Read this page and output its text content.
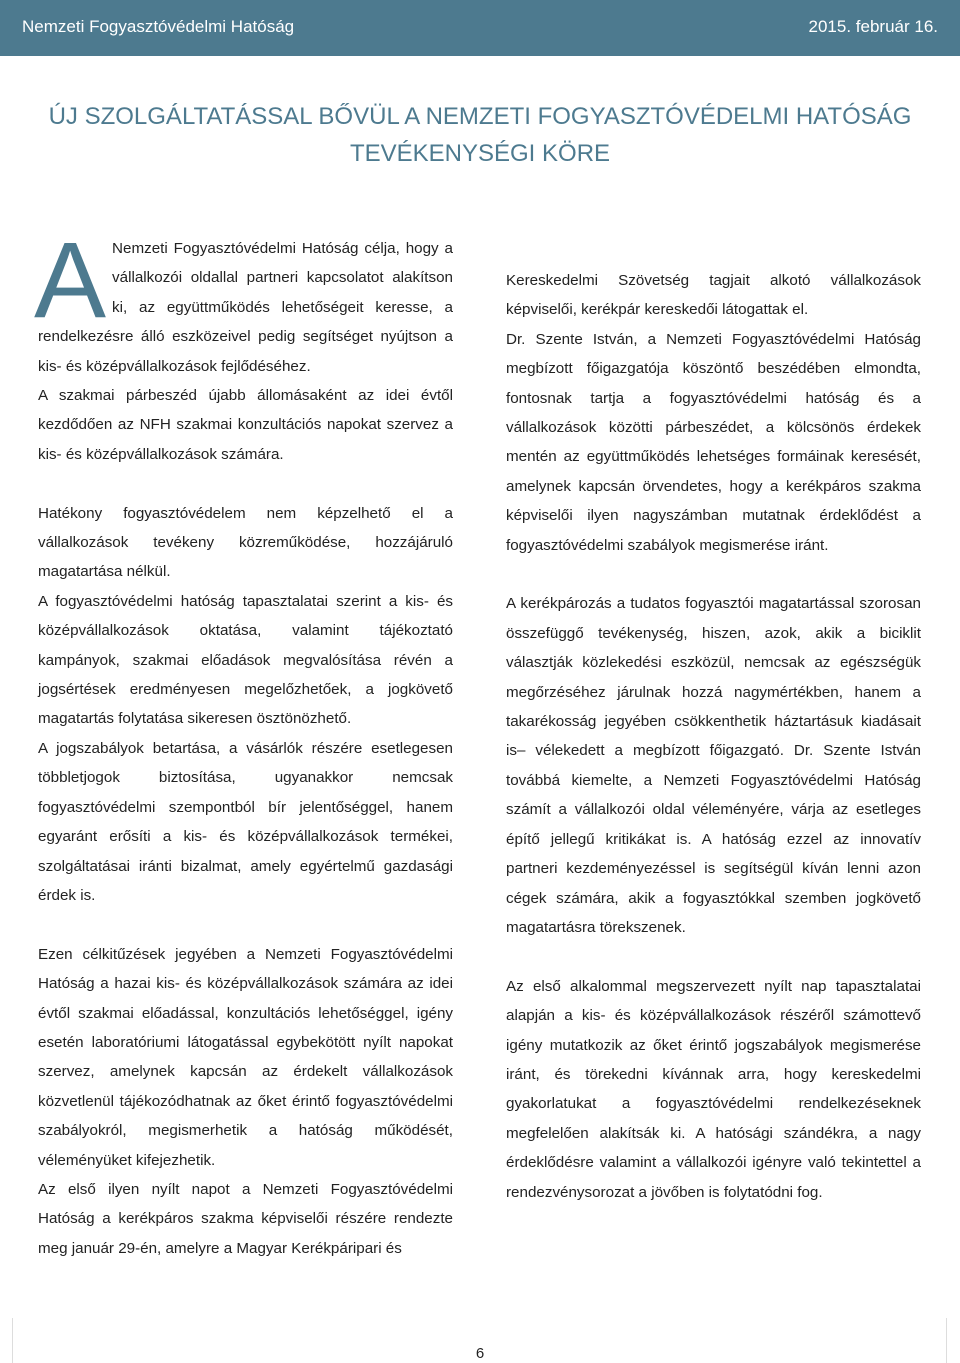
Nemzeti Fogyasztóvédelmi Hatóság	2015. február 16.
ÚJ SZOLGÁLTATÁSSAL BŐVÜL A NEMZETI FOGYASZTÓVÉDELMI HATÓSÁG TEVÉKENYSÉGI KÖRE

A Nemzeti Fogyasztóvédelmi Hatóság célja, hogy a vállalkozói oldallal partneri kapcsolatot alakítson ki, az együttműködés lehetőségeit keresse, a rendelkezésre álló eszközeivel pedig segítséget nyújtson a kis- és középvállalkozások fejlődéséhez.

A szakmai párbeszéd újabb állomásaként az idei évtől kezdődően az NFH szakmai konzultációs napokat szervez a kis- és középvállalkozások számára.

Hatékony fogyasztóvédelem nem képzelhető el a vállalkozások tevékeny közreműködése, hozzájáruló magatartása nélkül.

A fogyasztóvédelmi hatóság tapasztalatai szerint a kis- és középvállalkozások oktatása, valamint tájékoztató kampányok, szakmai előadások megvalósítása révén a jogsértések eredményesen megelőzhetőek, a jogkövető magatartás folytatása sikeresen ösztönözhető.

A jogszabályok betartása, a vásárlók részére esetlegesen többletjogok biztosítása, ugyanakkor nemcsak fogyasztóvédelmi szempontból bír jelentőséggel, hanem egyaránt erősíti a kis- és középvállalkozások termékei, szolgáltatásai iránti bizalmat, amely egyértelmű gazdasági érdek is.

Ezen célkitűzések jegyében a Nemzeti Fogyasztóvédelmi Hatóság a hazai kis- és középvállalkozások számára az idei évtől szakmai előadással, konzultációs lehetőséggel, igény esetén laboratóriumi látogatással egybekötött nyílt napokat szervez, amelynek kapcsán az érdekelt vállalkozások közvetlenül tájékozódhatnak az őket érintő fogyasztóvédelmi szabályokról, megismerhetik a hatóság működését, véleményüket kifejezhetik.

Az első ilyen nyílt napot a Nemzeti Fogyasztóvédelmi Hatóság a kerékpáros szakma képviselői részére rendezte meg január 29-én, amelyre a Magyar Kerékpáripari és

Kereskedelmi Szövetség tagjait alkotó vállalkozások képviselői, kerékpár kereskedői látogattak el.

Dr. Szente István, a Nemzeti Fogyasztóvédelmi Hatóság megbízott főigazgatója köszöntő beszédében elmondta, fontosnak tartja a fogyasztóvédelmi hatóság és a vállalkozások közötti párbeszédet, a kölcsönös érdekek mentén az együttműködés lehetséges formáinak keresését, amelynek kapcsán örvendetes, hogy a kerékpáros szakma képviselői ilyen nagyszámban mutatnak érdeklődést a fogyasztóvédelmi szabályok megismerése iránt.

A kerékpározás a tudatos fogyasztói magatartással szorosan összefüggő tevékenység, hiszen, azok, akik a biciklit választják közlekedési eszközül, nemcsak az egészségük megőrzéséhez járulnak hozzá nagymértékben, hanem a takarékosság jegyében csökkenthetik háztartásuk kiadásait is– vélekedett a megbízott főigazgató. Dr. Szente István továbbá kiemelte, a Nemzeti Fogyasztóvédelmi Hatóság számít a vállalkozói oldal véleményére, várja az esetleges építő jellegű kritikákat is. A hatóság ezzel az innovatív partneri kezdeményezéssel is segítségül kíván lenni azon cégek számára, akik a fogyasztókkal szemben jogkövető magatartásra törekszenek.

Az első alkalommal megszervezett nyílt nap tapasztalatai alapján a kis- és középvállalkozások részéről számottevő igény mutatkozik az őket érintő jogszabályok megismerése iránt, és törekedni kívánnak arra, hogy kereskedelmi gyakorlatukat a fogyasztóvédelmi rendelkezéseknek megfelelően alakítsák ki. A hatósági szándékra, a nagy érdeklődésre valamint a vállalkozói igényre való tekintettel a rendezvénysorozat a jövőben is folytatódni fog.

6
